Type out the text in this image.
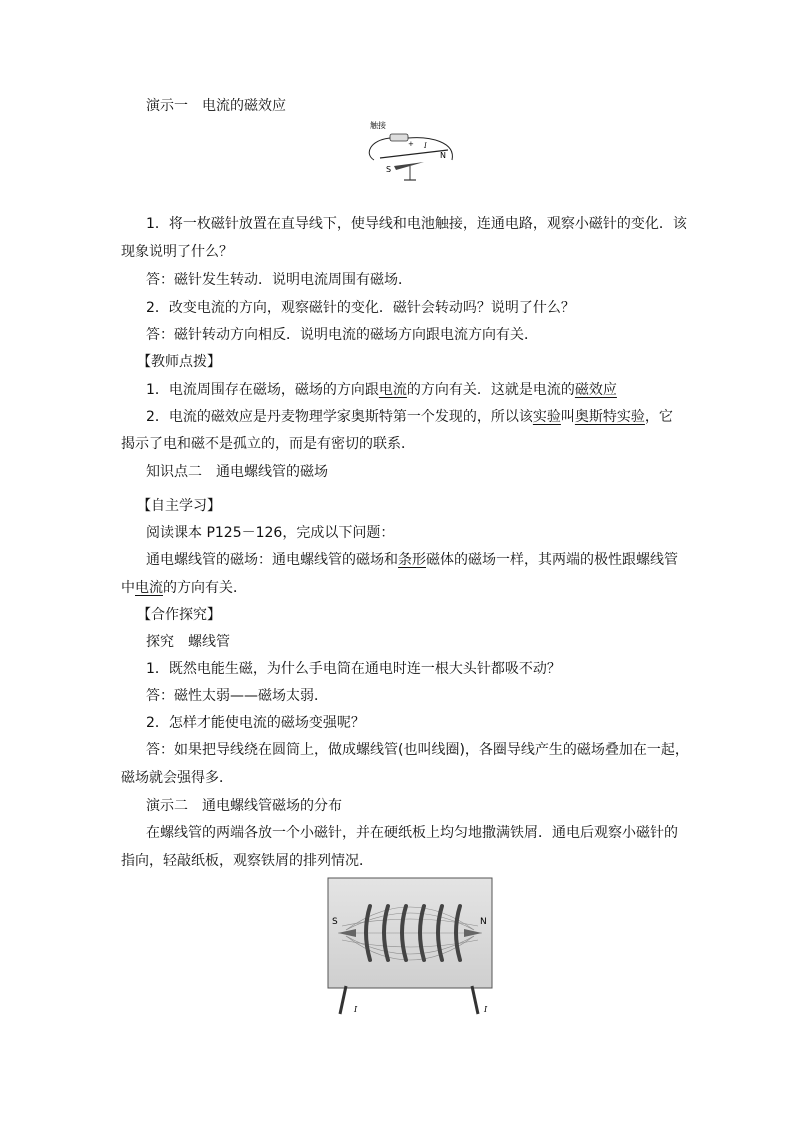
演示一　电流的磁效应
触接
+ I
S
N
1．将一枚磁针放置在直导线下，使导线和电池触接，连通电路，观察小磁针的变化．该
现象说明了什么？
答：磁针发生转动．说明电流周围有磁场．
2．改变电流的方向，观察磁针的变化．磁针会转动吗？说明了什么？
答：磁针转动方向相反．说明电流的磁场方向跟电流方向有关．
【教师点拨】
1．电流周围存在磁场，磁场的方向跟电流的方向有关．这就是电流的磁效应
2．电流的磁效应是丹麦物理学家奥斯特第一个发现的，所以该实验叫奥斯特实验，它
揭示了电和磁不是孤立的，而是有密切的联系．
知识点二　通电螺线管的磁场
【自主学习】
阅读课本 P125－126，完成以下问题：
通电螺线管的磁场：通电螺线管的磁场和条形磁体的磁场一样，其两端的极性跟螺线管
中电流的方向有关．
【合作探究】
探究　螺线管
1．既然电能生磁，为什么手电筒在通电时连一根大头针都吸不动？
答：磁性太弱——磁场太弱．
2．怎样才能使电流的磁场变强呢？
答：如果把导线绕在圆筒上，做成螺线管(也叫线圈)，各圈导线产生的磁场叠加在一起，
磁场就会强得多．
演示二　通电螺线管磁场的分布
在螺线管的两端各放一个小磁针，并在硬纸板上均匀地撒满铁屑．通电后观察小磁针的
指向，轻敲纸板，观察铁屑的排列情况．
S	N
I	I
